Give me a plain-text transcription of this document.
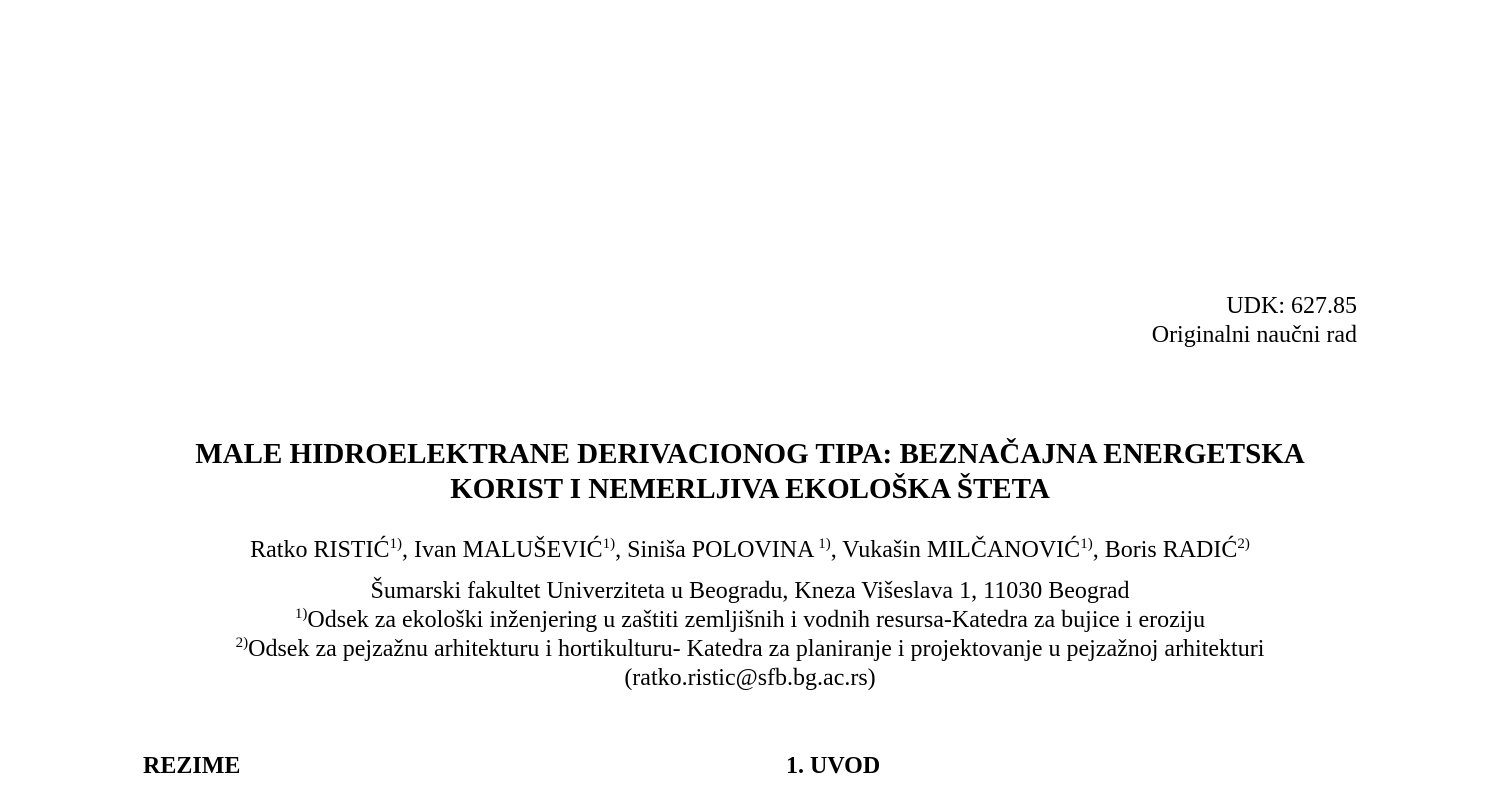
UDK: 627.85
Originalni naučni rad
MALE HIDROELEKTRANE DERIVACIONOG TIPA: BEZNAČAJNA ENERGETSKA
KORIST I NEMERLJIVA EKOLOŠKA ŠTETA
Ratko RISTIĆ$^{1)}$, Ivan MALUŠEVIĆ$^{1)}$, Siniša POLOVINA $^{1)}$, Vukašin MILČANOVIĆ$^{1)}$, Boris RADIĆ$^{2)}$
Šumarski fakultet Univerziteta u Beogradu, Kneza Višeslava 1, 11030 Beograd
$^{1)}$Odsek za ekološki inženjering u zaštiti zemljišnih i vodnih resursa-Katedra za bujice i eroziju
$^{2)}$Odsek za pejzažnu arhitekturu i hortikulturu- Katedra za planiranje i projektovanje u pejzažnoj arhitekturi
(ratko.ristic@sfb.bg.ac.rs)
REZIME	1. UVOD
